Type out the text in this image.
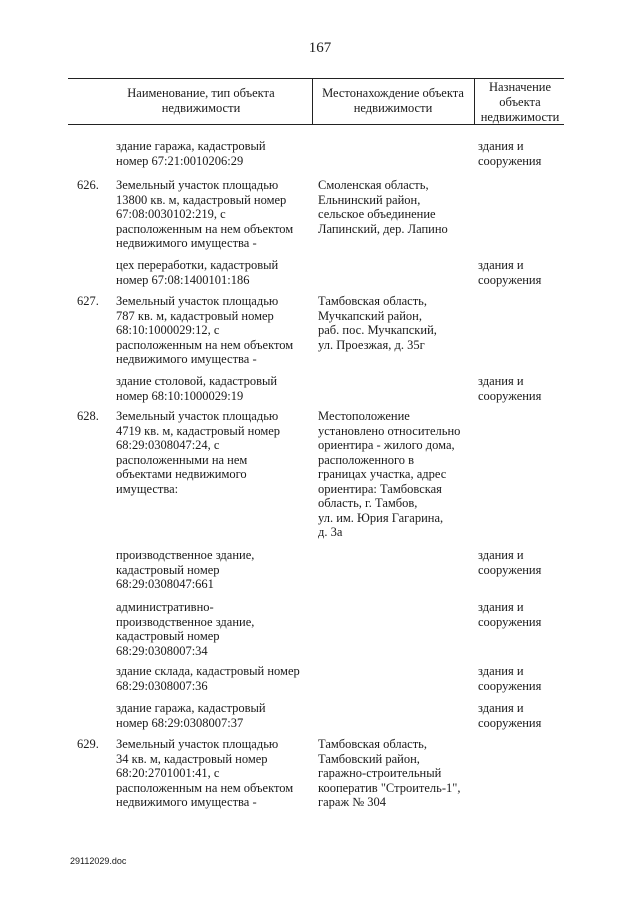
167
Наименование, тип объекта недвижимости
Местонахождение объекта недвижимости
Назначение объекта недвижимости
здание гаража, кадастровый
номер 67:21:0010206:29
здания и
сооружения
626. Земельный участок площадью
13800 кв. м, кадастровый номер
67:08:0030102:219, с
расположенным на нем объектом
недвижимого имущества -
Смоленская область,
Ельнинский район,
сельское объединение
Лапинский, дер. Лапино
цех переработки, кадастровый
номер 67:08:1400101:186
здания и
сооружения
627. Земельный участок площадью
787 кв. м, кадастровый номер
68:10:1000029:12, с
расположенным на нем объектом
недвижимого имущества -
Тамбовская область,
Мучкапский район,
раб. пос. Мучкапский,
ул. Проезжая, д. 35г
здание столовой, кадастровый
номер 68:10:1000029:19
здания и
сооружения
628. Земельный участок площадью
4719 кв. м, кадастровый номер
68:29:0308047:24, с
расположенными на нем
объектами недвижимого
имущества:
Местоположение
установлено относительно
ориентира - жилого дома,
расположенного в
границах участка, адрес
ориентира: Тамбовская
область, г. Тамбов,
ул. им. Юрия Гагарина,
д. 3а
производственное здание,
кадастровый номер
68:29:0308047:661
здания и
сооружения
административно-
производственное здание,
кадастровый номер
68:29:0308007:34
здания и
сооружения
здание склада, кадастровый номер
68:29:0308007:36
здания и
сооружения
здание гаража, кадастровый
номер 68:29:0308007:37
здания и
сооружения
629. Земельный участок площадью
34 кв. м, кадастровый номер
68:20:2701001:41, с
расположенным на нем объектом
недвижимого имущества -
Тамбовская область,
Тамбовский район,
гаражно-строительный
кооператив "Строитель-1",
гараж № 304
29112029.doc
